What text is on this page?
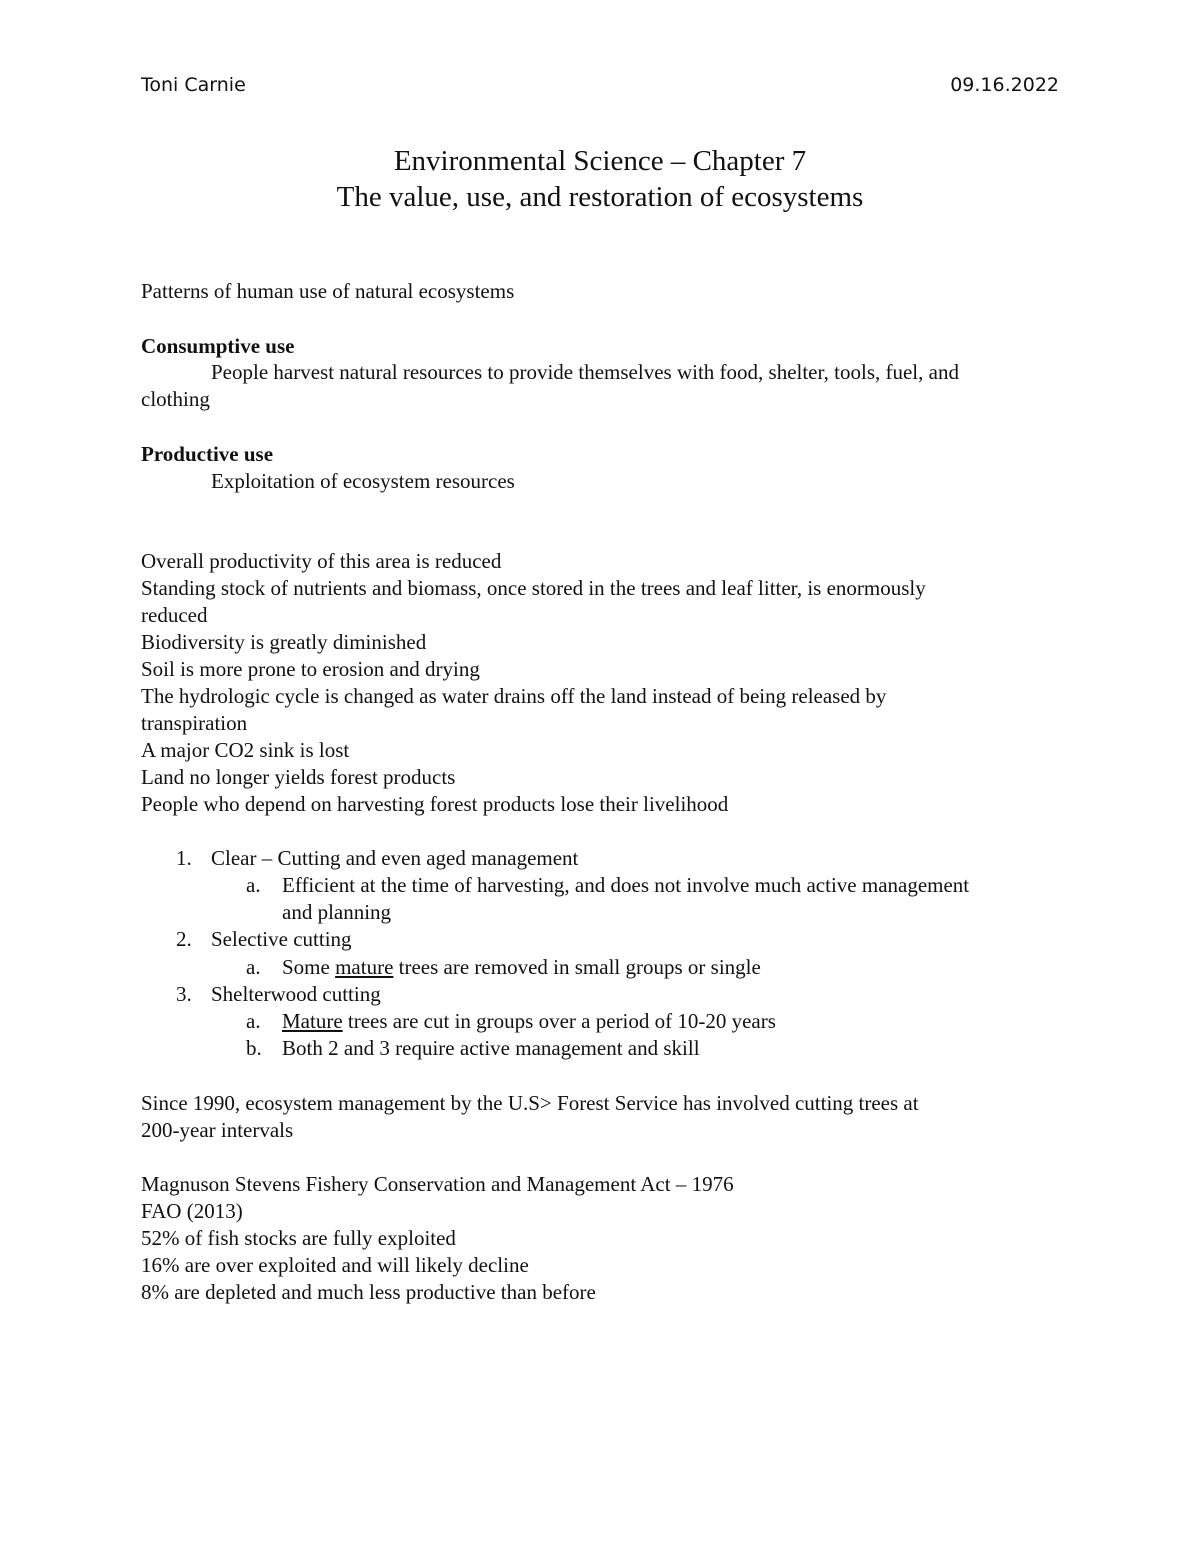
Toni Carnie	09.16.2022
Environmental Science – Chapter 7
The value, use, and restoration of ecosystems
Patterns of human use of natural ecosystems
Consumptive use
People harvest natural resources to provide themselves with food, shelter, tools, fuel, and
clothing
Productive use
Exploitation of ecosystem resources
Overall productivity of this area is reduced
Standing stock of nutrients and biomass, once stored in the trees and leaf litter, is enormously
reduced
Biodiversity is greatly diminished
Soil is more prone to erosion and drying
The hydrologic cycle is changed as water drains off the land instead of being released by
transpiration
A major CO2 sink is lost
Land no longer yields forest products
People who depend on harvesting forest products lose their livelihood
1. Clear – Cutting and even aged management
a. Efficient at the time of harvesting, and does not involve much active management
and planning
2. Selective cutting
a. Some mature trees are removed in small groups or single
3. Shelterwood cutting
a. Mature trees are cut in groups over a period of 10-20 years
b. Both 2 and 3 require active management and skill
Since 1990, ecosystem management by the U.S> Forest Service has involved cutting trees at
200-year intervals
Magnuson Stevens Fishery Conservation and Management Act – 1976
FAO (2013)
52% of fish stocks are fully exploited
16% are over exploited and will likely decline
8% are depleted and much less productive than before
